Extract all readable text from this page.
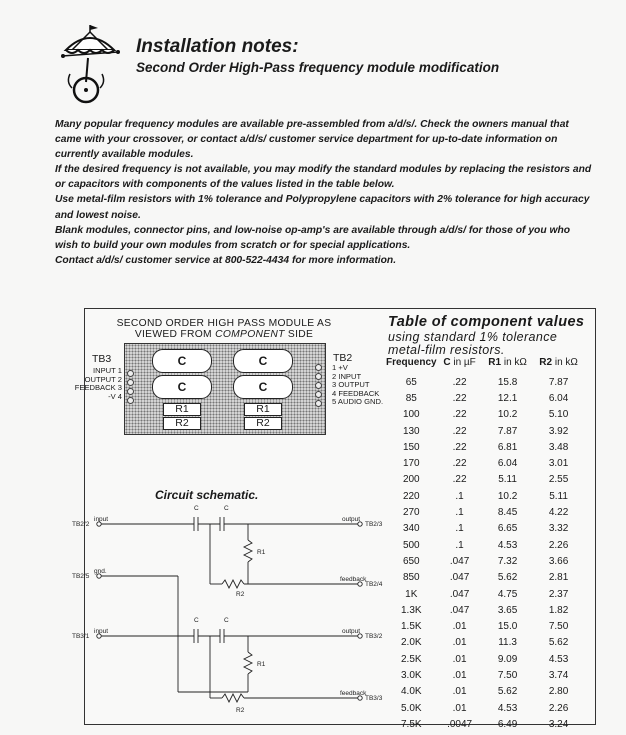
Installation notes:
Second Order High-Pass frequency module modification

Many popular frequency modules are available pre-assembled from a/d/s/. Check the owners manual that came with your crossover, or contact a/d/s/ customer service department for up-to-date information on currently available modules.

If the desired frequency is not available, you may modify the standard modules by replacing the resistors and or capacitors with components of the values listed in the table below.

Use metal-film resistors with 1% tolerance and Polypropylene capacitors with 2% tolerance for high accuracy and lowest noise.

Blank modules, connector pins, and low-noise op-amp's are available through a/d/s/ for those of you who wish to build your own modules from scratch or for special applications.

Contact a/d/s/ customer service at 800-522-4434 for more information.

SECOND ORDER HIGH PASS MODULE AS
VIEWED FROM COMPONENT SIDE
TB3
INPUT 1
OUTPUT 2
FEEDBACK 3
-V 4
TB2
1 +V
2 INPUT
3 OUTPUT
4 FEEDBACK
5 AUDIO GND.
C
C
C
C
R1
R2
R1
R2
Circuit schematic.
TB2/2
input	output
TB2/3
C	C
R1
feedback
TB2/4
R2
TB2/5
gnd.
TB3/1
input	output
TB3/2
C	C
R1
feedback
TB3/3
R2
Table of component values
using standard 1% tolerance
metal-film resistors.
Frequency	C in µF	R1 in kΩ	R2 in kΩ
65	.22	15.8	7.87
85	.22	12.1	6.04
100	.22	10.2	5.10
130	.22	7.87	3.92
150	.22	6.81	3.48
170	.22	6.04	3.01
200	.22	5.11	2.55
220	.1	10.2	5.11
270	.1	8.45	4.22
340	.1	6.65	3.32
500	.1	4.53	2.26
650	.047	7.32	3.66
850	.047	5.62	2.81
1K	.047	4.75	2.37
1.3K	.047	3.65	1.82
1.5K	.01	15.0	7.50
2.0K	.01	11.3	5.62
2.5K	.01	9.09	4.53
3.0K	.01	7.50	3.74
4.0K	.01	5.62	2.80
5.0K	.01	4.53	2.26
7.5K	.0047	6.49	3.24
